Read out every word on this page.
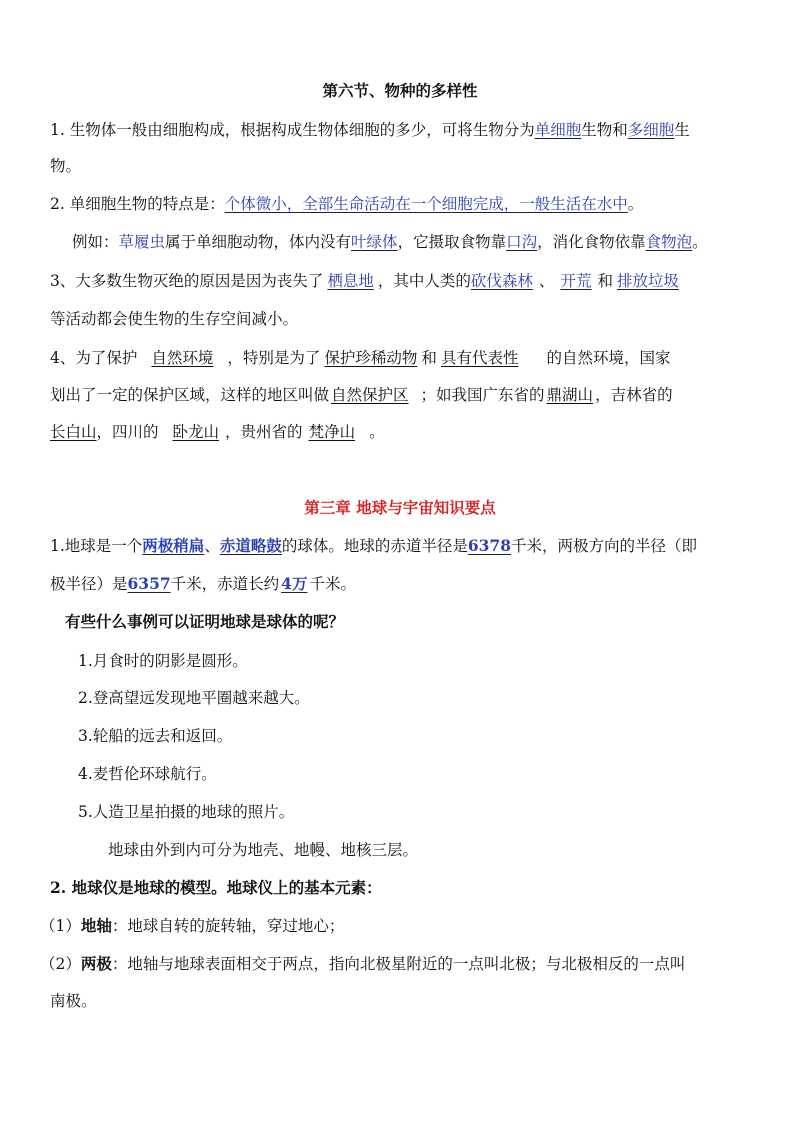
第六节、物种的多样性
1. 生物体一般由细胞构成，根据构成生物体细胞的多少，可将生物分为单细胞生物和多细胞生
物。
2. 单细胞生物的特点是：个体微小，全部生命活动在一个细胞完成，一般生活在水中。
例如：草履虫属于单细胞动物，体内没有叶绿体，它摄取食物靠口沟，消化食物依靠食物泡。
3、大多数生物灭绝的原因是因为丧失了 栖息地 ，其中人类的砍伐森林 、 开荒 和 排放垃圾
等活动都会使生物的生存空间减小。
4、为了保护 自然环境 ，特别是为了 保护珍稀动物 和 具有代表性 的自然环境，国家
划出了一定的保护区域，这样的地区叫做 自然保护区 ；如我国广东省的 鼎湖山 ，吉林省的
长白山，四川的 卧龙山 ，贵州省的 梵净山 。
第三章 地球与宇宙知识要点
1.地球是一个两极稍扁、赤道略鼓的球体。地球的赤道半径是6378千米，两极方向的半径（即
极半径）是6357千米，赤道长约 4万 千米。
有些什么事例可以证明地球是球体的呢？
1.月食时的阴影是圆形。
2.登高望远发现地平圈越来越大。
3.轮船的远去和返回。
4.麦哲伦环球航行。
5.人造卫星拍摄的地球的照片。
地球由外到内可分为地壳、地幔、地核三层。
2. 地球仪是地球的模型。地球仪上的基本元素：
（1）地轴：地球自转的旋转轴，穿过地心；
（2）两极：地轴与地球表面相交于两点，指向北极星附近的一点叫北极；与北极相反的一点叫
南极。
